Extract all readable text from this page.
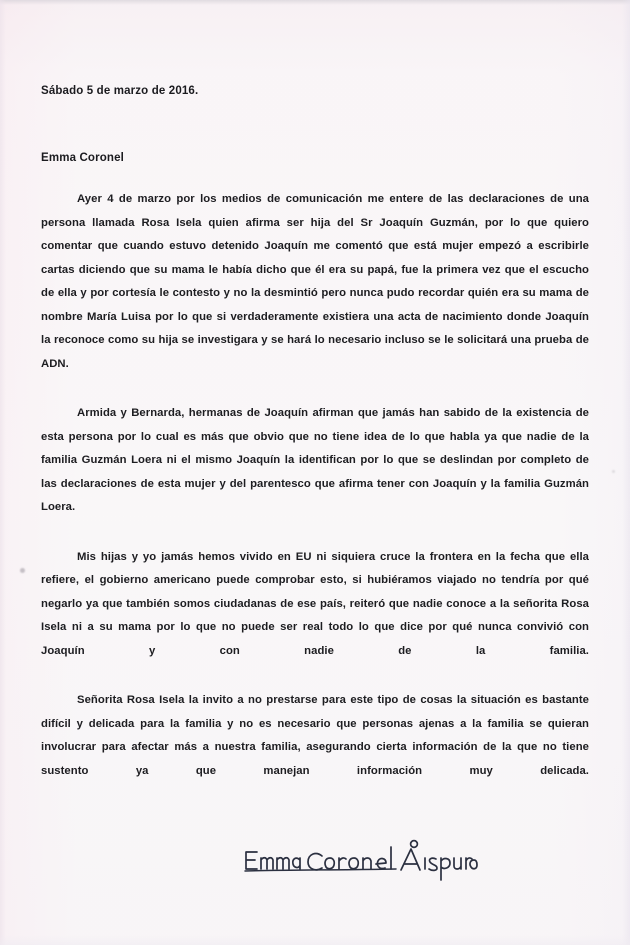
Sábado 5 de marzo de 2016.
Emma Coronel

Ayer 4 de marzo por los medios de comunicación me entere de las declaraciones de una persona llamada Rosa Isela quien afirma ser hija del Sr Joaquín Guzmán, por lo que quiero comentar que cuando estuvo detenido Joaquín me comentó que está mujer empezó a escribirle cartas diciendo que su mama le había dicho que él era su papá, fue la primera vez que el escucho de ella y por cortesía le contesto y no la desmintió pero nunca pudo recordar quién era su mama de nombre María Luisa por lo que si verdaderamente existiera una acta de nacimiento donde Joaquín la reconoce como su hija se investigara y se hará lo necesario incluso se le solicitará una prueba de ADN.

Armida y Bernarda, hermanas de Joaquín afirman que jamás han sabido de la existencia de esta persona por lo cual es más que obvio que no tiene idea de lo que habla ya que nadie de la familia Guzmán Loera ni el mismo Joaquín la identifican por lo que se deslindan por completo de las declaraciones de esta mujer y del parentesco que afirma tener con Joaquín y la familia Guzmán Loera.

Mis hijas y yo jamás hemos vivido en EU ni siquiera cruce la frontera en la fecha que ella refiere, el gobierno americano puede comprobar esto, si hubiéramos viajado no tendría por qué negarlo ya que también somos ciudadanas de ese país, reiteró que nadie conoce a la señorita Rosa Isela ni a su mama por lo que no puede ser real todo lo que dice por qué nunca convivió con Joaquín y con nadie de la familia.

Señorita Rosa Isela la invito a no prestarse para este tipo de cosas la situación es bastante difícil y delicada para la familia y no es necesario que personas ajenas a la familia se quieran involucrar para afectar más a nuestra familia, asegurando cierta información de la que no tiene sustento ya que manejan información muy delicada.
